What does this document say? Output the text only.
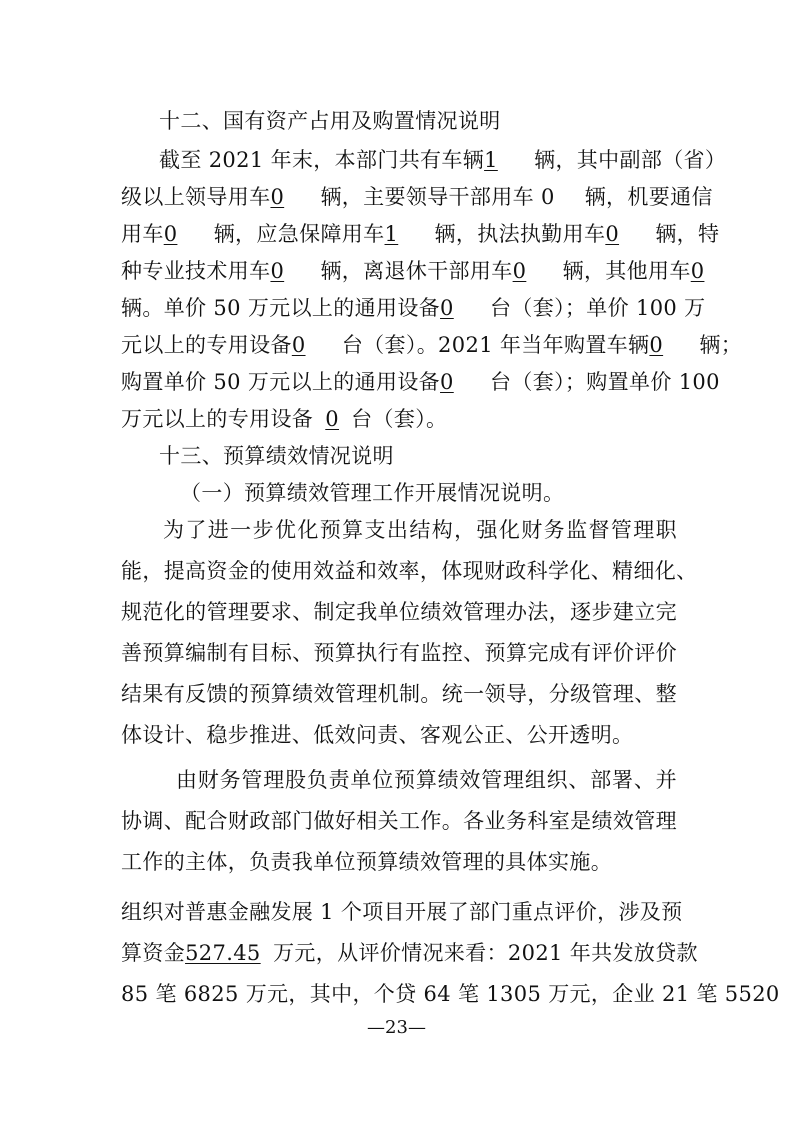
十二、国有资产占用及购置情况说明
截至 2021 年末，本部门共有车辆1 辆，其中副部（省）
级以上领导用车0 辆，主要领导干部用车 0 辆，机要通信
用车0 辆，应急保障用车1 辆，执法执勤用车0 辆，特
种专业技术用车0 辆，离退休干部用车0 辆，其他用车0
辆。单价 50 万元以上的通用设备0 台（套）；单价 100 万
元以上的专用设备0 台（套）。2021 年当年购置车辆0 辆；
购置单价 50 万元以上的通用设备0 台（套）；购置单价 100
万元以上的专用设备 0 台（套）。
十三、预算绩效情况说明
（一）预算绩效管理工作开展情况说明。
为了进一步优化预算支出结构，强化财务监督管理职
能，提高资金的使用效益和效率，体现财政科学化、精细化、
规范化的管理要求、制定我单位绩效管理办法，逐步建立完
善预算编制有目标、预算执行有监控、预算完成有评价评价
结果有反馈的预算绩效管理机制。统一领导，分级管理、整
体设计、稳步推进、低效问责、客观公正、公开透明。
由财务管理股负责单位预算绩效管理组织、部署、并
协调、配合财政部门做好相关工作。各业务科室是绩效管理
工作的主体，负责我单位预算绩效管理的具体实施。
组织对普惠金融发展 1 个项目开展了部门重点评价，涉及预
算资金527.45 万元，从评价情况来看：2021 年共发放贷款
85 笔 6825 万元，其中，个贷 64 笔 1305 万元，企业 21 笔 5520
—23—
